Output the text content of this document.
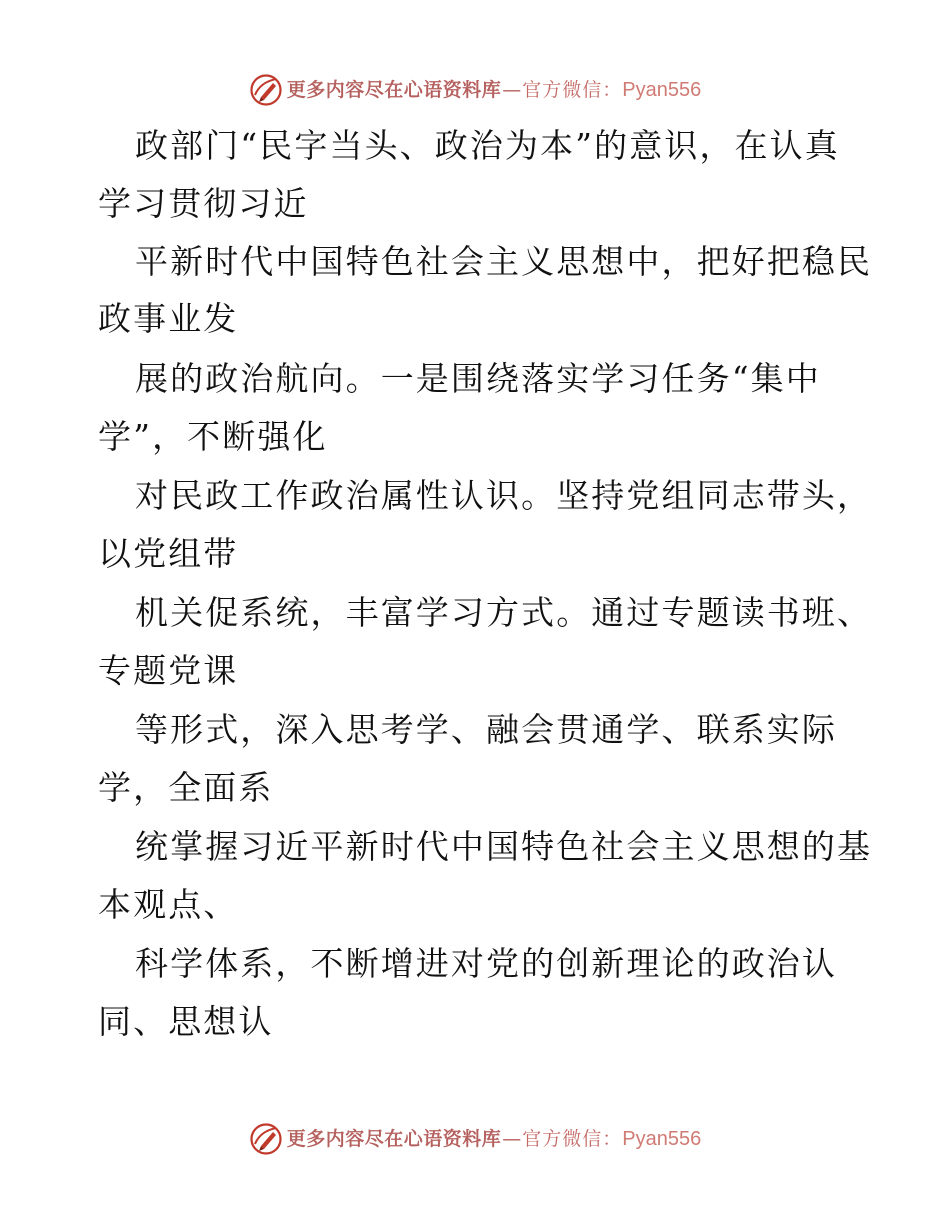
更多内容尽在心语资料库 — 官方微信： Pyan556
政部门“民字当头、政治为本”的意识，在认真
学习贯彻习近
平新时代中国特色社会主义思想中，把好把稳民
政事业发
展的政治航向。一是围绕落实学习任务“集中
学”，不断强化
对民政工作政治属性认识。坚持党组同志带头，
以党组带
机关促系统，丰富学习方式。通过专题读书班、
专题党课
等形式，深入思考学、融会贯通学、联系实际
学，全面系
统掌握习近平新时代中国特色社会主义思想的基
本观点、
科学体系，不断增进对党的创新理论的政治认
同、思想认
更多内容尽在心语资料库 — 官方微信： Pyan556
